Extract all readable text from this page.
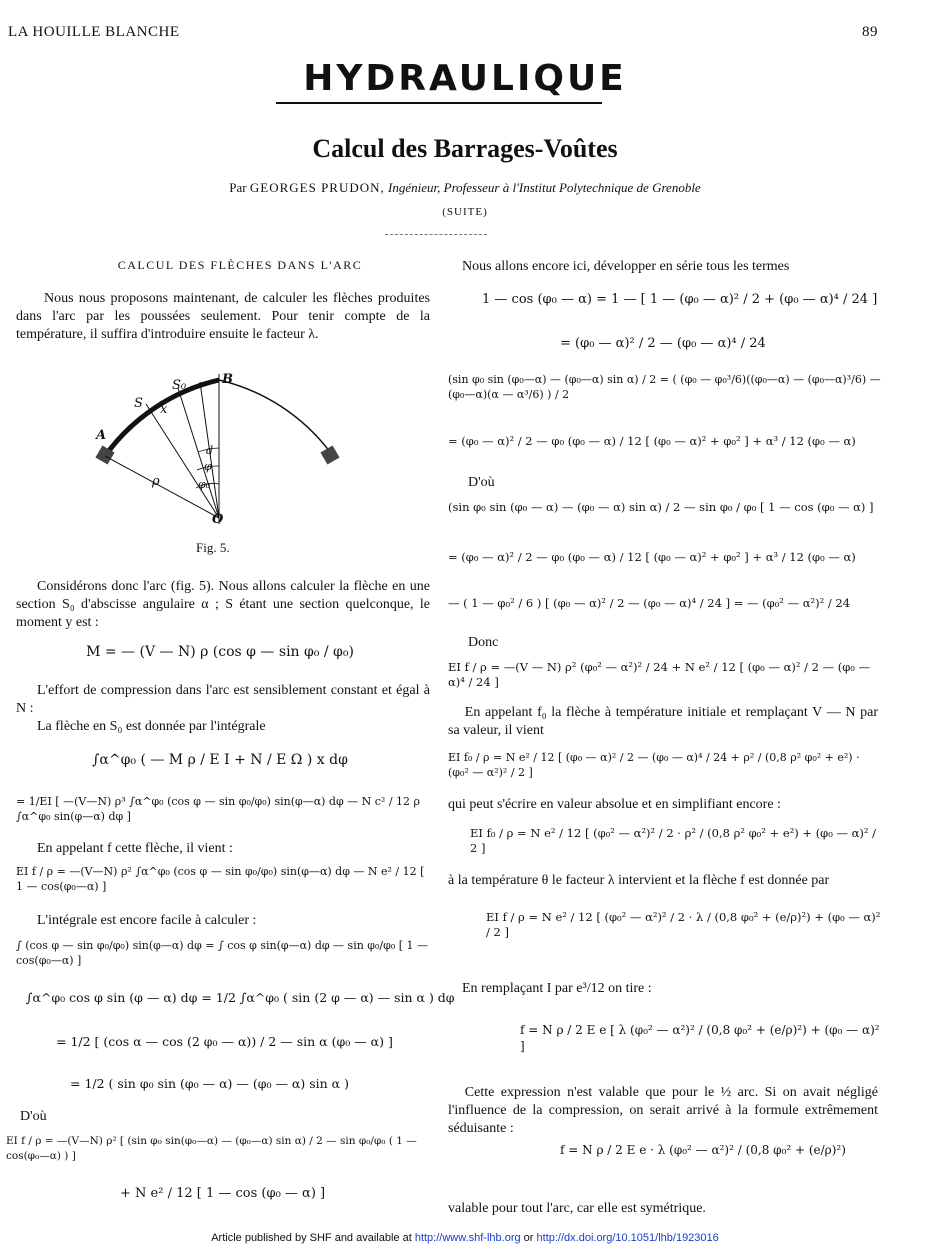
LA HOUILLE BLANCHE	89
HYDRAULIQUE
Calcul des Barrages-Voûtes
Par GEORGES PRUDON, Ingénieur, Professeur à l'Institut Polytechnique de Grenoble
(SUITE)
CALCUL DES FLÈCHES DANS L'ARC
Nous nous proposons maintenant, de calculer les flèches produites dans l'arc par les poussées seulement. Pour tenir compte de la température, il suffira d'introduire ensuite le facteur λ.
A
B
S
S₀
x
ρ
d
φ
φ₀
O
Fig. 5.
Considérons donc l'arc (fig. 5). Nous allons calculer la flèche en une section S₀ d'abscisse angulaire α ; S étant une section quelconque, le moment y est :
M = — (V — N) ρ (cos φ — sin φ₀ / φ₀)
L'effort de compression dans l'arc est sensiblement constant et égal à N :
La flèche en S₀ est donnée par l'intégrale
∫α^φ₀ ( — M ρ / E I + N / E Ω ) x dφ
= 1/EI [ —(V—N) ρ³ ∫α^φ₀ (cos φ — sin φ₀/φ₀) sin(φ—α) dφ — N c² / 12 ρ ∫α^φ₀ sin(φ—α) dφ ]
En appelant f cette flèche, il vient :
EI f / ρ = —(V—N) ρ² ∫α^φ₀ (cos φ — sin φ₀/φ₀) sin(φ—α) dφ — N e² / 12 [ 1 — cos(φ₀—α) ]
L'intégrale est encore facile à calculer :
∫ (cos φ — sin φ₀/φ₀) sin(φ—α) dφ = ∫ cos φ sin(φ—α) dφ — sin φ₀/φ₀ [ 1 — cos(φ₀—α) ]
∫α^φ₀ cos φ sin (φ — α) dφ = 1/2 ∫α^φ₀ ( sin (2 φ — α) — sin α ) dφ
= 1/2 [ (cos α — cos (2 φ₀ — α)) / 2 — sin α (φ₀ — α) ]
= 1/2 ( sin φ₀ sin (φ₀ — α) — (φ₀ — α) sin α )
D'où
EI f / ρ = —(V—N) ρ² [ (sin φ₀ sin(φ₀—α) — (φ₀—α) sin α) / 2 — sin φ₀/φ₀ ( 1 — cos(φ₀—α) ) ]
+ N e² / 12 [ 1 — cos (φ₀ — α) ]
Nous allons encore ici, développer en série tous les termes
1 — cos (φ₀ — α) = 1 — [ 1 — (φ₀ — α)² / 2 + (φ₀ — α)⁴ / 24 ]
= (φ₀ — α)² / 2 — (φ₀ — α)⁴ / 24
(sin φ₀ sin (φ₀—α) — (φ₀—α) sin α) / 2 = ( (φ₀ — φ₀³/6)((φ₀—α) — (φ₀—α)³/6) — (φ₀—α)(α — α³/6) ) / 2
= (φ₀ — α)² / 2 — φ₀ (φ₀ — α) / 12 [ (φ₀ — α)² + φ₀² ] + α³ / 12 (φ₀ — α)
D'où
(sin φ₀ sin (φ₀ — α) — (φ₀ — α) sin α) / 2 — sin φ₀ / φ₀ [ 1 — cos (φ₀ — α) ]
= (φ₀ — α)² / 2 — φ₀ (φ₀ — α) / 12 [ (φ₀ — α)² + φ₀² ] + α³ / 12 (φ₀ — α)
— ( 1 — φ₀² / 6 ) [ (φ₀ — α)² / 2 — (φ₀ — α)⁴ / 24 ] = — (φ₀² — α²)² / 24
Donc
EI f / ρ = —(V — N) ρ² (φ₀² — α²)² / 24 + N e² / 12 [ (φ₀ — α)² / 2 — (φ₀ — α)⁴ / 24 ]
En appelant f₀ la flèche à température initiale et remplaçant V — N par sa valeur, il vient
EI f₀ / ρ = N e² / 12 [ (φ₀ — α)² / 2 — (φ₀ — α)⁴ / 24 + ρ² / (0,8 ρ² φ₀² + e²) · (φ₀² — α²)² / 2 ]
qui peut s'écrire en valeur absolue et en simplifiant encore :
EI f₀ / ρ = N e² / 12 [ (φ₀² — α²)² / 2 · ρ² / (0,8 ρ² φ₀² + e²) + (φ₀ — α)² / 2 ]
à la température θ le facteur λ intervient et la flèche f est donnée par
EI f / ρ = N e² / 12 [ (φ₀² — α²)² / 2 · λ / (0,8 φ₀² + (e/ρ)²) + (φ₀ — α)² / 2 ]
En remplaçant I par e³/12 on tire :
f = N ρ / 2 E e [ λ (φ₀² — α²)² / (0,8 φ₀² + (e/ρ)²) + (φ₀ — α)² ]
Cette expression n'est valable que pour le ½ arc. Si on avait négligé l'influence de la compression, on serait arrivé à la formule extrêmement séduisante :
f = N ρ / 2 E e · λ (φ₀² — α²)² / (0,8 φ₀² + (e/ρ)²)
valable pour tout l'arc, car elle est symétrique.
Article published by SHF and available at http://www.shf-lhb.org or http://dx.doi.org/10.1051/lhb/1923016
